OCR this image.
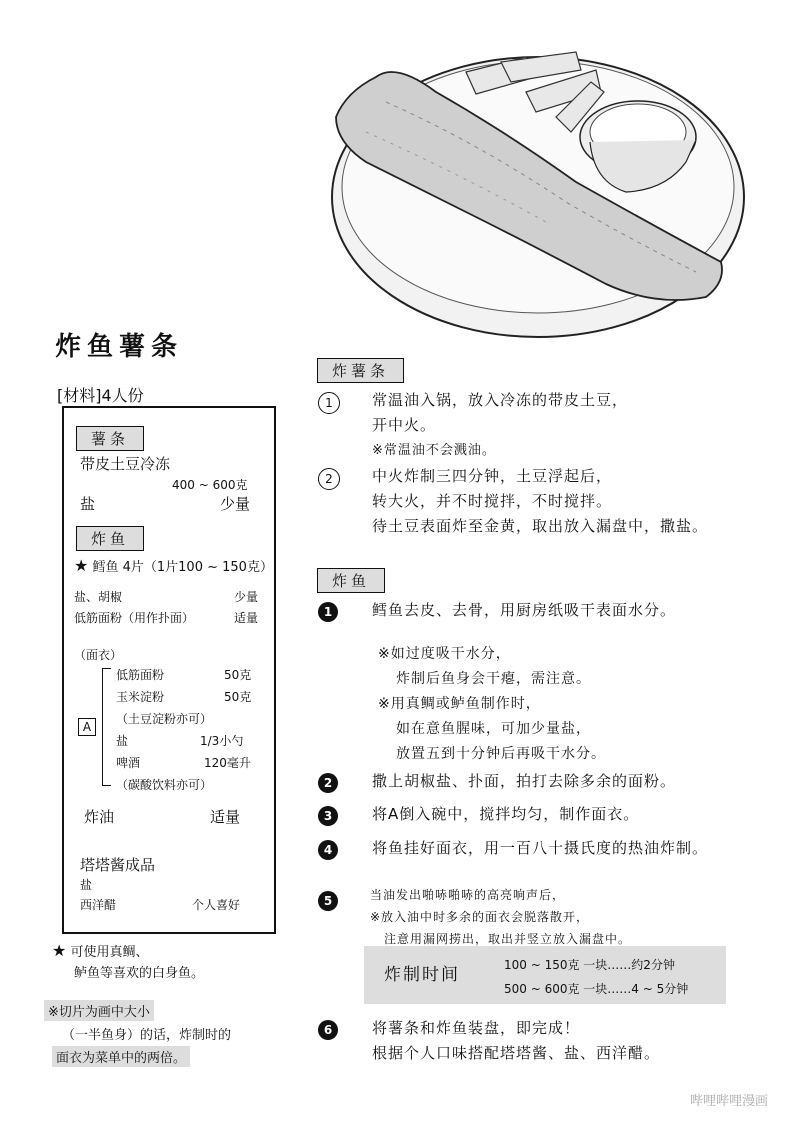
炸鱼薯条
[材料]4人份
薯条
带皮土豆冷冻
400 ~ 600克
盐	少量
炸鱼
★ 鳕鱼 4片（1片100 ~ 150克）
盐、胡椒	少量
低筋面粉（用作扑面）	适量
（面衣）
A
低筋面粉	50克
玉米淀粉	50克
（土豆淀粉亦可）
盐	1/3小勺
啤酒	120毫升
（碳酸饮料亦可）
炸油	适量
塔塔酱成品
盐
西洋醋	个人喜好
★ 可使用真鲷、
鲈鱼等喜欢的白身鱼。
※切片为画中大小
（一半鱼身）的话，炸制时的
面衣为菜单中的两倍。
炸薯条
1	常温油入锅，放入冷冻的带皮土豆，
开中火。
※常温油不会溅油。
2	中火炸制三四分钟，土豆浮起后，
转大火，并不时搅拌，不时搅拌。
待土豆表面炸至金黄，取出放入漏盘中，撒盐。
炸鱼
1	鳕鱼去皮、去骨，用厨房纸吸干表面水分。
※如过度吸干水分，
炸制后鱼身会干瘪，需注意。
※用真鲷或鲈鱼制作时，
如在意鱼腥味，可加少量盐，
放置五到十分钟后再吸干水分。
2	撒上胡椒盐、扑面，拍打去除多余的面粉。
3	将A倒入碗中，搅拌均匀，制作面衣。
4	将鱼挂好面衣，用一百八十摄氏度的热油炸制。
5	当油发出啪哧啪哧的高亮响声后，
※放入油中时多余的面衣会脱落散开，
注意用漏网捞出，取出并竖立放入漏盘中。
炸制时间	100 ~ 150克 一块……约2分钟
500 ~ 600克 一块……4 ~ 5分钟
6	将薯条和炸鱼装盘，即完成！
根据个人口味搭配塔塔酱、盐、西洋醋。
哔哩哔哩漫画
